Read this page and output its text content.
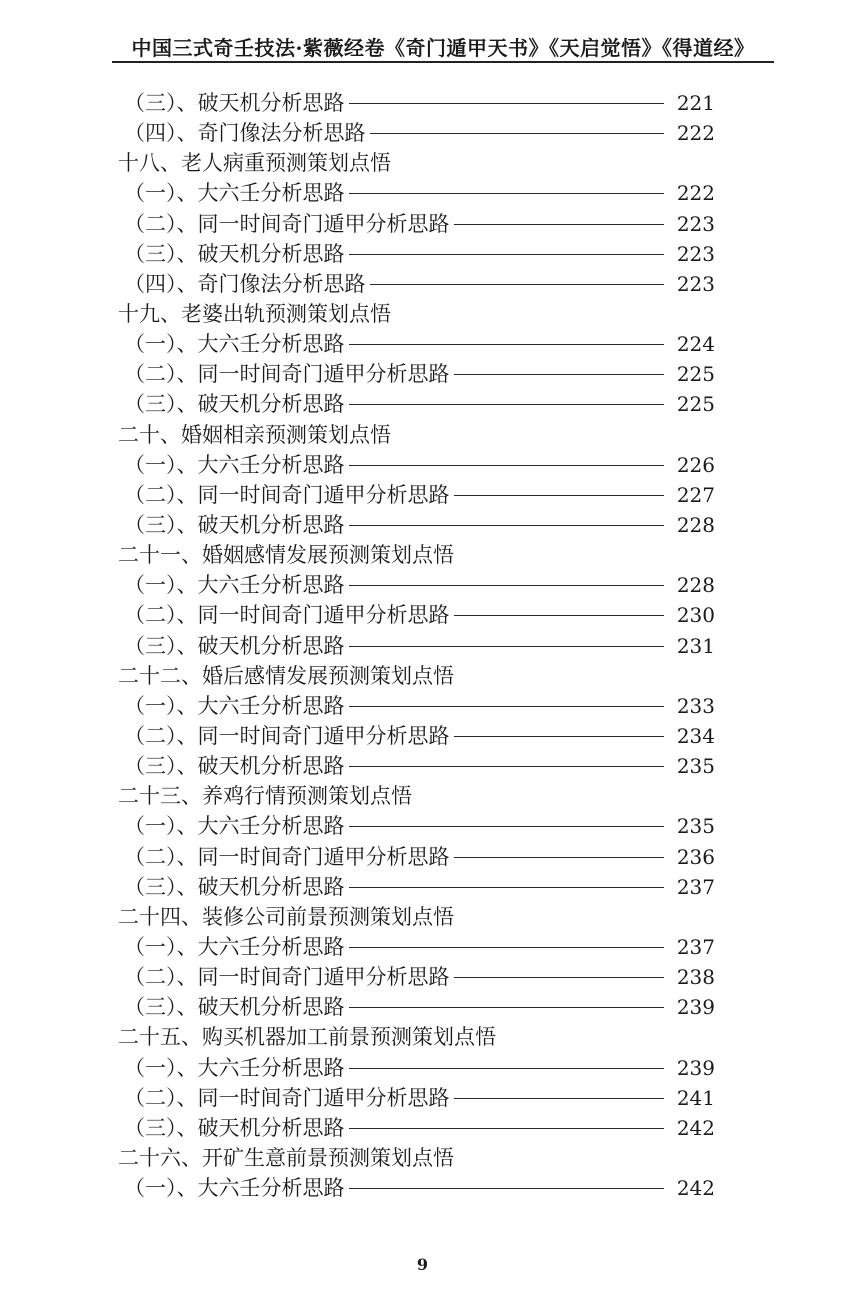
中国三式奇壬技法·紫薇经卷《奇门遁甲天书》《天启觉悟》《得道经》
（三）、破天机分析思路	221
（四）、奇门像法分析思路	222
十八、老人病重预测策划点悟
（一）、大六壬分析思路	222
（二）、同一时间奇门遁甲分析思路	223
（三）、破天机分析思路	223
（四）、奇门像法分析思路	223
十九、老婆出轨预测策划点悟
（一）、大六壬分析思路	224
（二）、同一时间奇门遁甲分析思路	225
（三）、破天机分析思路	225
二十、婚姻相亲预测策划点悟
（一）、大六壬分析思路	226
（二）、同一时间奇门遁甲分析思路	227
（三）、破天机分析思路	228
二十一、婚姻感情发展预测策划点悟
（一）、大六壬分析思路	228
（二）、同一时间奇门遁甲分析思路	230
（三）、破天机分析思路	231
二十二、婚后感情发展预测策划点悟
（一）、大六壬分析思路	233
（二）、同一时间奇门遁甲分析思路	234
（三）、破天机分析思路	235
二十三、养鸡行情预测策划点悟
（一）、大六壬分析思路	235
（二）、同一时间奇门遁甲分析思路	236
（三）、破天机分析思路	237
二十四、装修公司前景预测策划点悟
（一）、大六壬分析思路	237
（二）、同一时间奇门遁甲分析思路	238
（三）、破天机分析思路	239
二十五、购买机器加工前景预测策划点悟
（一）、大六壬分析思路	239
（二）、同一时间奇门遁甲分析思路	241
（三）、破天机分析思路	242
二十六、开矿生意前景预测策划点悟
（一）、大六壬分析思路	242
9
